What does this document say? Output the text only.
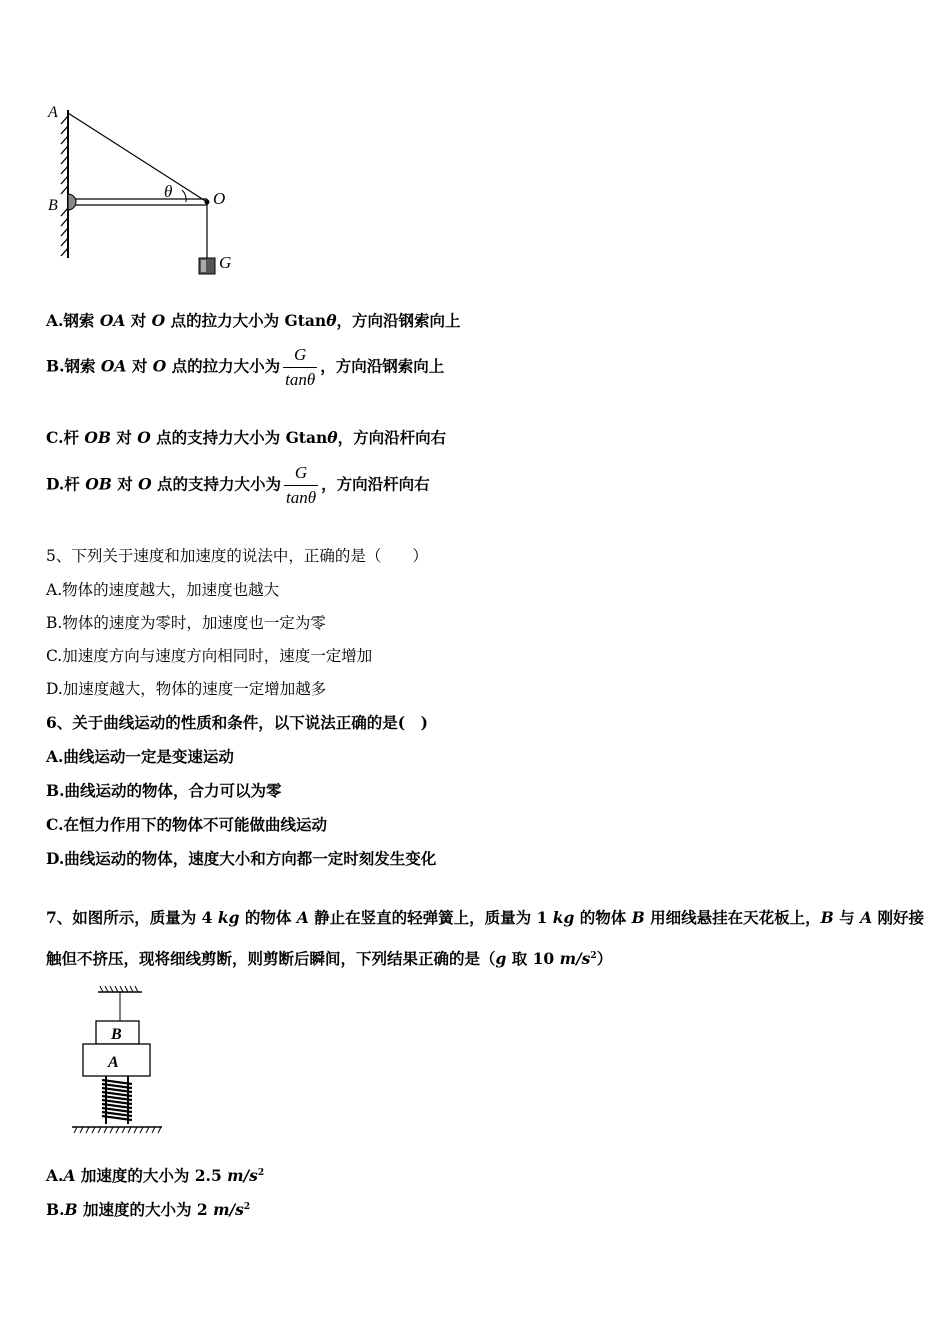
A
B	O
θ
G
A.钢索 OA 对 O 点的拉力大小为 Gtanθ，方向沿钢索向上
B.钢索 OA 对 O 点的拉力大小为 $\frac{G}{\tan\theta}$ ，方向沿钢索向上
C.杆 OB 对 O 点的支持力大小为 Gtanθ，方向沿杆向右
D.杆 OB 对 O 点的支持力大小为 $\frac{G}{\tan\theta}$ ，方向沿杆向右
5、下列关于速度和加速度的说法中，正确的是（　　）
A.物体的速度越大，加速度也越大
B.物体的速度为零时，加速度也一定为零
C.加速度方向与速度方向相同时，速度一定增加
D.加速度越大，物体的速度一定增加越多
6、关于曲线运动的性质和条件，以下说法正确的是(　)
A.曲线运动一定是变速运动
B.曲线运动的物体，合力可以为零
C.在恒力作用下的物体不可能做曲线运动
D.曲线运动的物体，速度大小和方向都一定时刻发生变化
7、如图所示，质量为 4 kg 的物体 A 静止在竖直的轻弹簧上，质量为 1 kg 的物体 B 用细线悬挂在天花板上，B 与 A 刚好接
触但不挤压，现将细线剪断，则剪断后瞬间，下列结果正确的是（g 取 10 $m/s^2$）
B
A
A.A 加速度的大小为 2.5 $m/s^2$
B.B 加速度的大小为 2 $m/s^2$
